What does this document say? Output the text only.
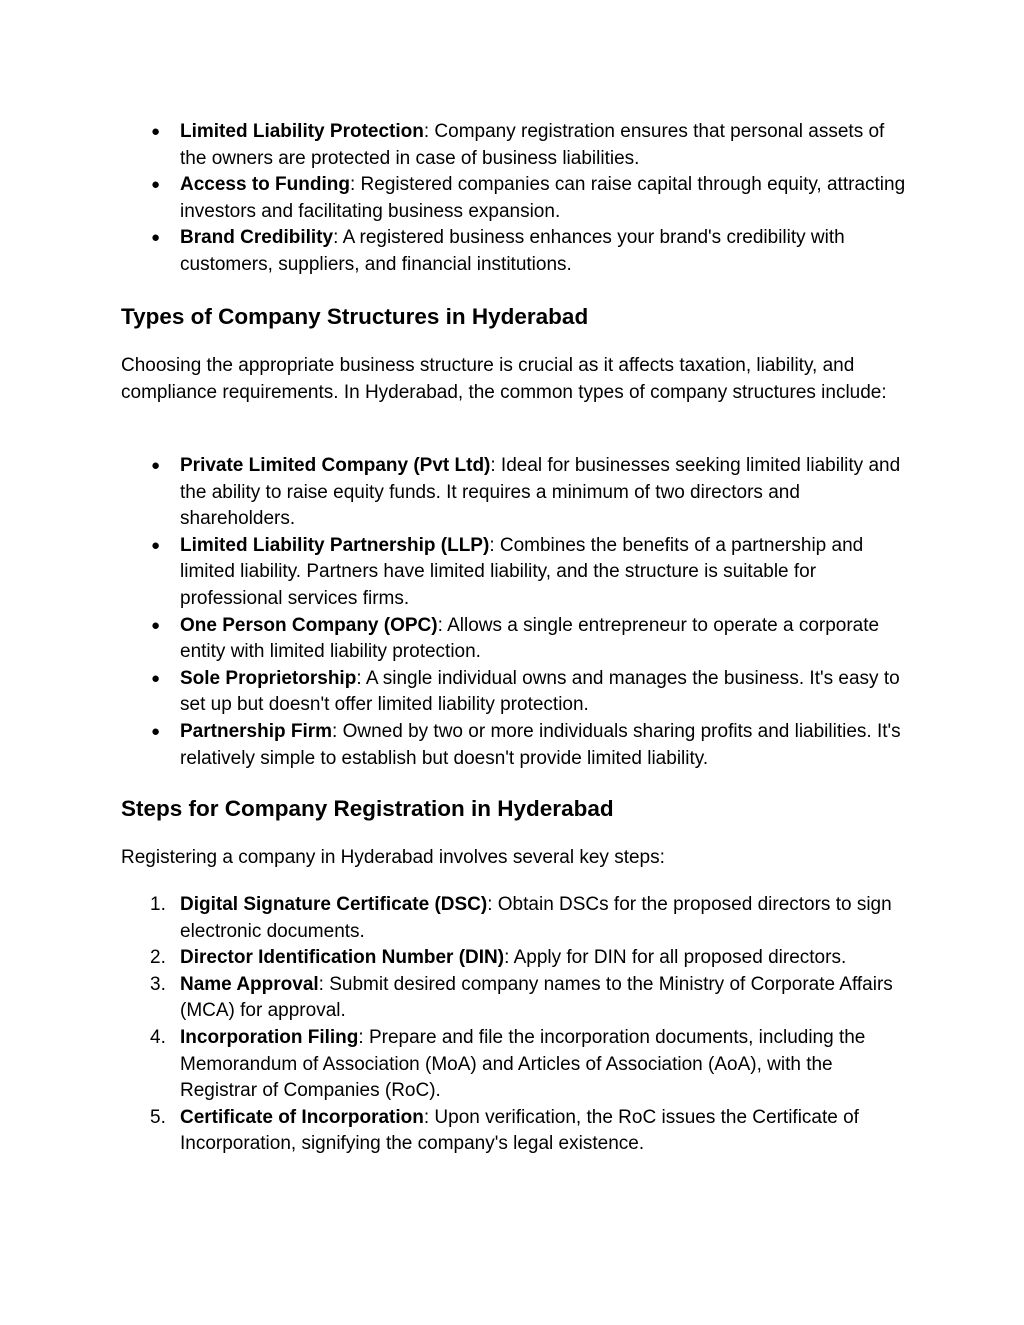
●	Limited Liability Protection: Company registration ensures that personal assets of the owners are protected in case of business liabilities.
●	Access to Funding: Registered companies can raise capital through equity, attracting investors and facilitating business expansion.
●	Brand Credibility: A registered business enhances your brand's credibility with customers, suppliers, and financial institutions.
Types of Company Structures in Hyderabad

Choosing the appropriate business structure is crucial as it affects taxation, liability, and compliance requirements. In Hyderabad, the common types of company structures include:

●	Private Limited Company (Pvt Ltd): Ideal for businesses seeking limited liability and the ability to raise equity funds. It requires a minimum of two directors and shareholders.
●	Limited Liability Partnership (LLP): Combines the benefits of a partnership and limited liability. Partners have limited liability, and the structure is suitable for professional services firms.
●	One Person Company (OPC): Allows a single entrepreneur to operate a corporate entity with limited liability protection.
●	Sole Proprietorship: A single individual owns and manages the business. It's easy to set up but doesn't offer limited liability protection.
●	Partnership Firm: Owned by two or more individuals sharing profits and liabilities. It's relatively simple to establish but doesn't provide limited liability.
Steps for Company Registration in Hyderabad

Registering a company in Hyderabad involves several key steps:

1. Digital Signature Certificate (DSC): Obtain DSCs for the proposed directors to sign electronic documents.
2. Director Identification Number (DIN): Apply for DIN for all proposed directors.
3. Name Approval: Submit desired company names to the Ministry of Corporate Affairs (MCA) for approval.
4. Incorporation Filing: Prepare and file the incorporation documents, including the Memorandum of Association (MoA) and Articles of Association (AoA), with the Registrar of Companies (RoC).
5. Certificate of Incorporation: Upon verification, the RoC issues the Certificate of Incorporation, signifying the company's legal existence.
